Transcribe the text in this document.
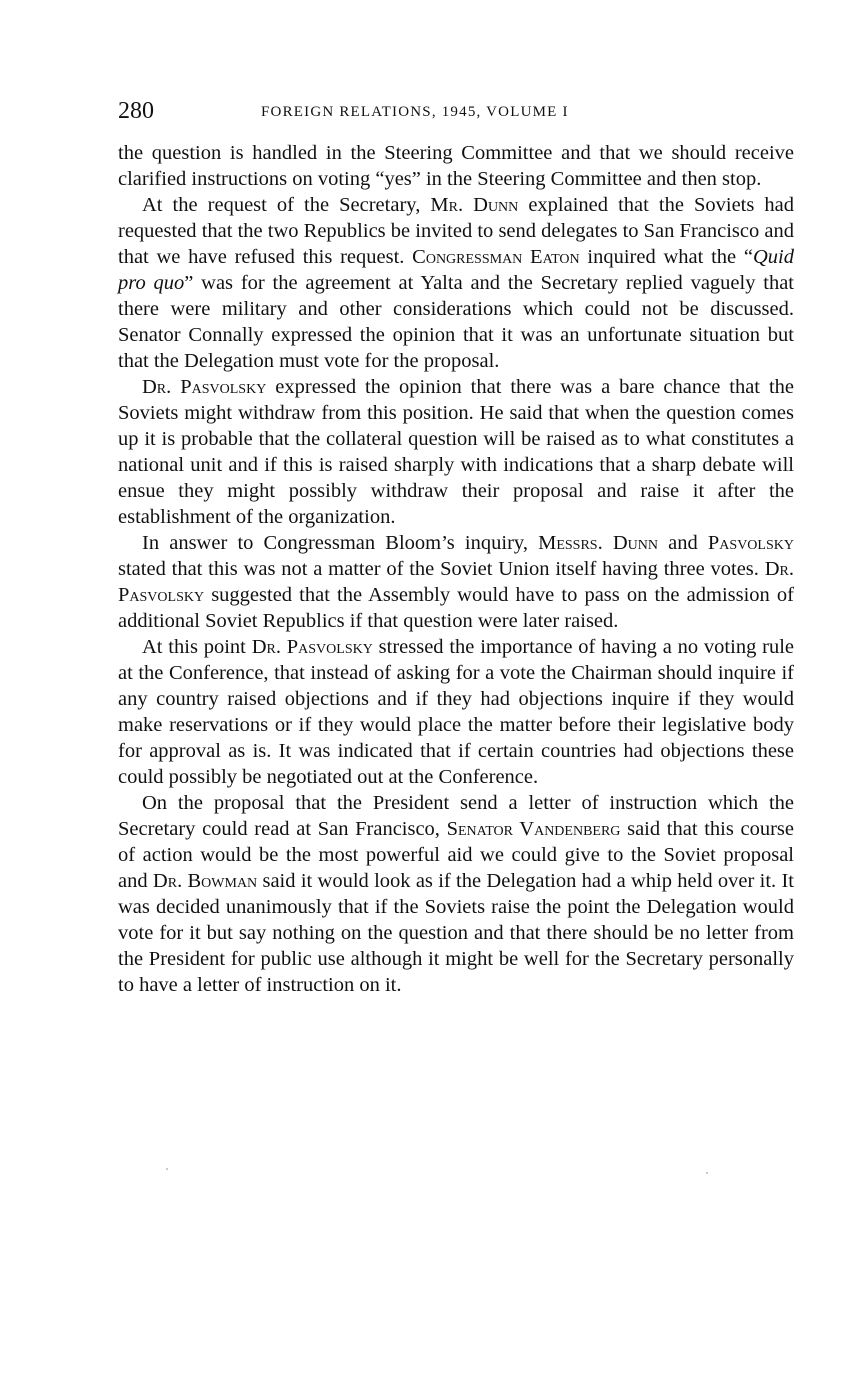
280	FOREIGN RELATIONS, 1945, VOLUME I

the question is handled in the Steering Committee and that we should receive clarified instructions on voting “yes” in the Steering Committee and then stop.

At the request of the Secretary, Mr. Dunn explained that the Soviets had requested that the two Republics be invited to send delegates to San Francisco and that we have refused this request. Congressman Eaton inquired what the “Quid pro quo” was for the agreement at Yalta and the Secretary replied vaguely that there were military and other considerations which could not be discussed. Senator Connally expressed the opinion that it was an unfortunate situation but that the Delegation must vote for the proposal.

Dr. Pasvolsky expressed the opinion that there was a bare chance that the Soviets might withdraw from this position. He said that when the question comes up it is probable that the collateral question will be raised as to what constitutes a national unit and if this is raised sharply with indications that a sharp debate will ensue they might possibly withdraw their proposal and raise it after the establishment of the organization.

In answer to Congressman Bloom’s inquiry, Messrs. Dunn and Pasvolsky stated that this was not a matter of the Soviet Union itself having three votes. Dr. Pasvolsky suggested that the Assembly would have to pass on the admission of additional Soviet Republics if that question were later raised.

At this point Dr. Pasvolsky stressed the importance of having a no voting rule at the Conference, that instead of asking for a vote the Chairman should inquire if any country raised objections and if they had objections inquire if they would make reservations or if they would place the matter before their legislative body for approval as is. It was indicated that if certain countries had objections these could possibly be negotiated out at the Conference.

On the proposal that the President send a letter of instruction which the Secretary could read at San Francisco, Senator Vandenberg said that this course of action would be the most powerful aid we could give to the Soviet proposal and Dr. Bowman said it would look as if the Delegation had a whip held over it. It was decided unanimously that if the Soviets raise the point the Delegation would vote for it but say nothing on the question and that there should be no letter from the President for public use although it might be well for the Secretary personally to have a letter of instruction on it.
